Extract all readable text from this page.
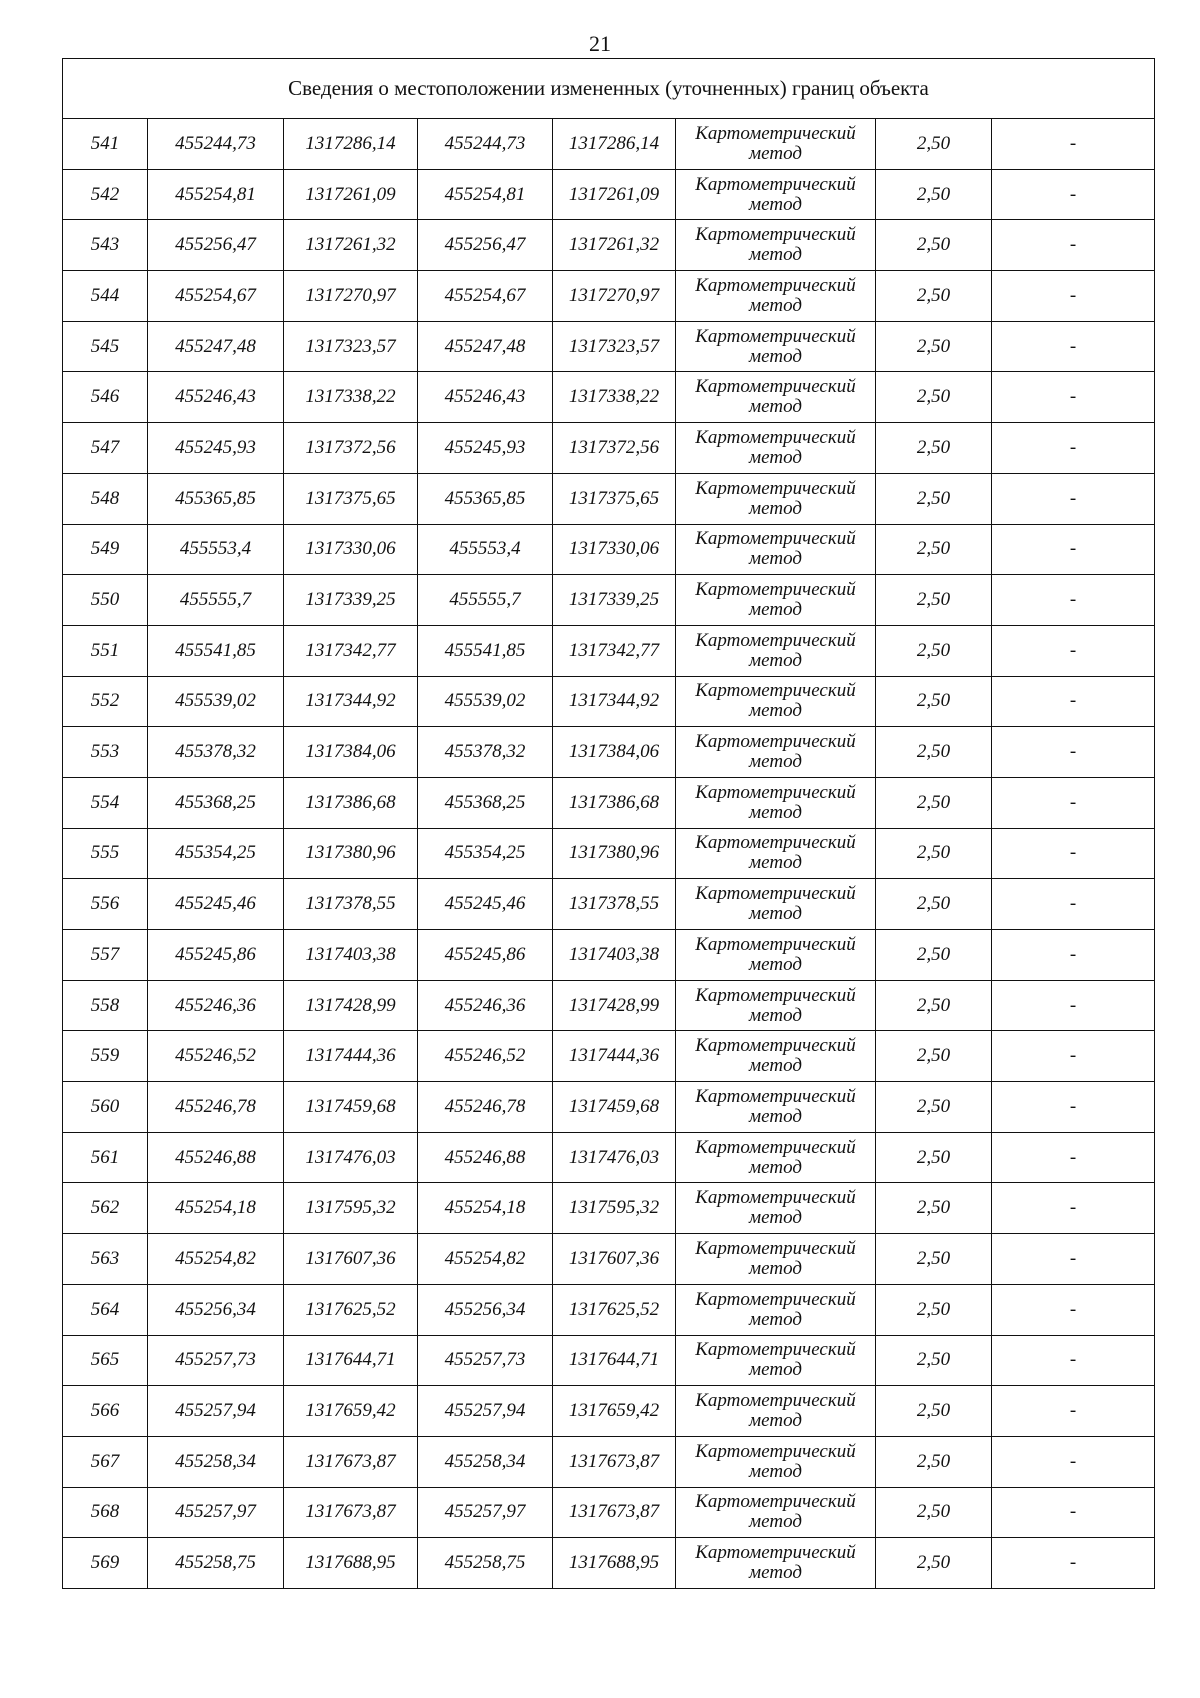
21
Сведения о местоположении измененных (уточненных) границ объекта							
541	455244,73	1317286,14	455244,73	1317286,14	Картометрический
метод	2,50	-
542	455254,81	1317261,09	455254,81	1317261,09	Картометрический
метод	2,50	-
543	455256,47	1317261,32	455256,47	1317261,32	Картометрический
метод	2,50	-
544	455254,67	1317270,97	455254,67	1317270,97	Картометрический
метод	2,50	-
545	455247,48	1317323,57	455247,48	1317323,57	Картометрический
метод	2,50	-
546	455246,43	1317338,22	455246,43	1317338,22	Картометрический
метод	2,50	-
547	455245,93	1317372,56	455245,93	1317372,56	Картометрический
метод	2,50	-
548	455365,85	1317375,65	455365,85	1317375,65	Картометрический
метод	2,50	-
549	455553,4	1317330,06	455553,4	1317330,06	Картометрический
метод	2,50	-
550	455555,7	1317339,25	455555,7	1317339,25	Картометрический
метод	2,50	-
551	455541,85	1317342,77	455541,85	1317342,77	Картометрический
метод	2,50	-
552	455539,02	1317344,92	455539,02	1317344,92	Картометрический
метод	2,50	-
553	455378,32	1317384,06	455378,32	1317384,06	Картометрический
метод	2,50	-
554	455368,25	1317386,68	455368,25	1317386,68	Картометрический
метод	2,50	-
555	455354,25	1317380,96	455354,25	1317380,96	Картометрический
метод	2,50	-
556	455245,46	1317378,55	455245,46	1317378,55	Картометрический
метод	2,50	-
557	455245,86	1317403,38	455245,86	1317403,38	Картометрический
метод	2,50	-
558	455246,36	1317428,99	455246,36	1317428,99	Картометрический
метод	2,50	-
559	455246,52	1317444,36	455246,52	1317444,36	Картометрический
метод	2,50	-
560	455246,78	1317459,68	455246,78	1317459,68	Картометрический
метод	2,50	-
561	455246,88	1317476,03	455246,88	1317476,03	Картометрический
метод	2,50	-
562	455254,18	1317595,32	455254,18	1317595,32	Картометрический
метод	2,50	-
563	455254,82	1317607,36	455254,82	1317607,36	Картометрический
метод	2,50	-
564	455256,34	1317625,52	455256,34	1317625,52	Картометрический
метод	2,50	-
565	455257,73	1317644,71	455257,73	1317644,71	Картометрический
метод	2,50	-
566	455257,94	1317659,42	455257,94	1317659,42	Картометрический
метод	2,50	-
567	455258,34	1317673,87	455258,34	1317673,87	Картометрический
метод	2,50	-
568	455257,97	1317673,87	455257,97	1317673,87	Картометрический
метод	2,50	-
569	455258,75	1317688,95	455258,75	1317688,95	Картометрический
метод	2,50	-
